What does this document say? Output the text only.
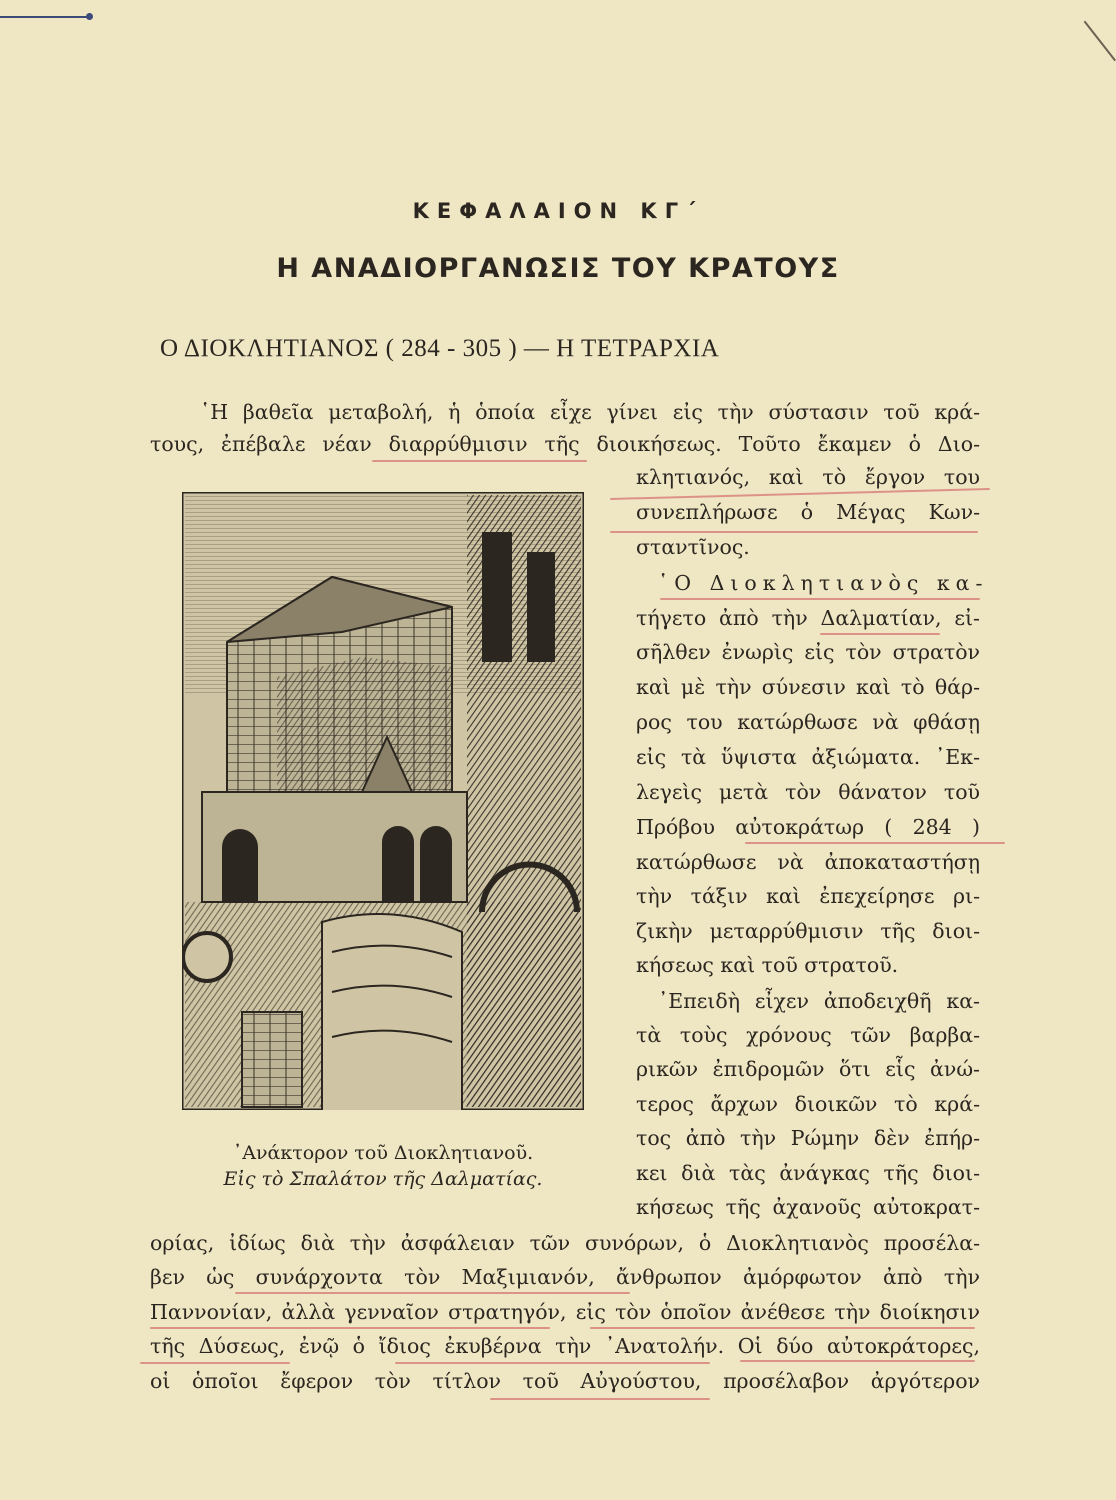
ΚΕΦΑΛΑΙΟΝ ΚΓ΄
Η ΑΝΑΔΙΟΡΓΑΝΩΣΙΣ ΤΟΥ ΚΡΑΤΟΥΣ
Ο ΔΙΟΚΛΗΤΙΑΝΟΣ ( 284 - 305 ) — Η ΤΕΤΡΑΡΧΙΑ
᾿Ανάκτορον τοῦ Διοκλητιανοῦ.
Εἰς τὸ Σπαλάτον τῆς Δαλματίας.
῾Η βαθεῖα μεταβολή, ἡ ὁποία εἶχε γίνει εἰς τὴν σύστασιν τοῦ κρά-
τους, ἐπέβαλε νέαν διαρρύθμισιν τῆς διοικήσεως. Τοῦτο ἔκαμεν ὁ Διο-
κλητιανός, καὶ τὸ ἔργον του
συνεπλήρωσε ὁ Μέγας Κων-
σταντῖνος.
῾Ο Διοκλητιανὸς κα-
τήγετο ἀπὸ τὴν Δαλματίαν, εἰ-
σῆλθεν ἐνωρὶς εἰς τὸν στρατὸν
καὶ μὲ τὴν σύνεσιν καὶ τὸ θάρ-
ρος του κατώρθωσε νὰ φθάσῃ
εἰς τὰ ὕψιστα ἀξιώματα. ᾿Εκ-
λεγεὶς μετὰ τὸν θάνατον τοῦ
Πρόβου αὐτοκράτωρ ( 284 )
κατώρθωσε νὰ ἀποκαταστήσῃ
τὴν τάξιν καὶ ἐπεχείρησε ρι-
ζικὴν μεταρρύθμισιν τῆς διοι-
κήσεως καὶ τοῦ στρατοῦ.
᾿Επειδὴ εἶχεν ἀποδειχθῆ κα-
τὰ τοὺς χρόνους τῶν βαρβα-
ρικῶν ἐπιδρομῶν ὅτι εἷς ἀνώ-
τερος ἄρχων διοικῶν τὸ κρά-
τος ἀπὸ τὴν Ρώμην δὲν ἐπήρ-
κει διὰ τὰς ἀνάγκας τῆς διοι-
κήσεως τῆς ἀχανοῦς αὐτοκρατ-
ορίας, ἰδίως διὰ τὴν ἀσφάλειαν τῶν συνόρων, ὁ Διοκλητιανὸς προσέλα-
βεν ὡς συνάρχοντα τὸν Μαξιμιανόν, ἄνθρωπον ἀμόρφωτον ἀπὸ τὴν
Παννονίαν, ἀλλὰ γενναῖον στρατηγόν, εἰς τὸν ὁποῖον ἀνέθεσε τὴν διοίκησιν
τῆς Δύσεως, ἐνῷ ὁ ἴδιος ἐκυβέρνα τὴν ᾿Ανατολήν. Οἱ δύο αὐτοκράτορες,
οἱ ὁποῖοι ἔφερον τὸν τίτλον τοῦ Αὐγούστου, προσέλαβον ἀργότερον
